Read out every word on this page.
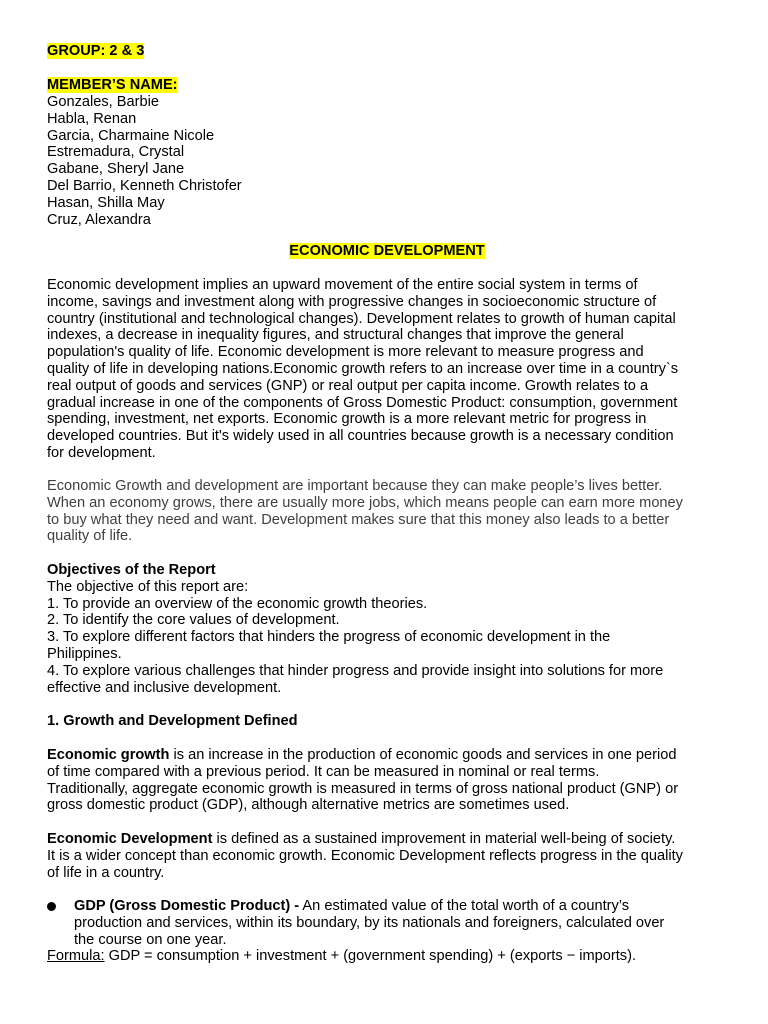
GROUP: 2 & 3
MEMBER’S NAME:
Gonzales, Barbie
Habla, Renan
Garcia, Charmaine Nicole
Estremadura, Crystal
Gabane, Sheryl Jane
Del Barrio, Kenneth Christofer
Hasan, Shilla May
Cruz, Alexandra
ECONOMIC DEVELOPMENT
Economic development implies an upward movement of the entire social system in terms of
income, savings and investment along with progressive changes in socioeconomic structure of
country (institutional and technological changes). Development relates to growth of human capital
indexes, a decrease in inequality figures, and structural changes that improve the general
population's quality of life. Economic development is more relevant to measure progress and
quality of life in developing nations.Economic growth refers to an increase over time in a country`s
real output of goods and services (GNP) or real output per capita income. Growth relates to a
gradual increase in one of the components of Gross Domestic Product: consumption, government
spending, investment, net exports. Economic growth is a more relevant metric for progress in
developed countries. But it's widely used in all countries because growth is a necessary condition
for development.
Economic Growth and development are important because they can make people’s lives better.
When an economy grows, there are usually more jobs, which means people can earn more money
to buy what they need and want. Development makes sure that this money also leads to a better
quality of life.
Objectives of the Report
The objective of this report are:
1. To provide an overview of the economic growth theories.
2. To identify the core values of development.
3. To explore different factors that hinders the progress of economic development in the
Philippines.
4. To explore various challenges that hinder progress and provide insight into solutions for more
effective and inclusive development.
1. Growth and Development Defined
Economic growth is an increase in the production of economic goods and services in one period
of time compared with a previous period. It can be measured in nominal or real terms.
Traditionally, aggregate economic growth is measured in terms of gross national product (GNP) or
gross domestic product (GDP), although alternative metrics are sometimes used.
Economic Development is defined as a sustained improvement in material well-being of society.
It is a wider concept than economic growth. Economic Development reflects progress in the quality
of life in a country.
GDP (Gross Domestic Product) - An estimated value of the total worth of a country’s
production and services, within its boundary, by its nationals and foreigners, calculated over
the course on one year.
Formula: GDP = consumption + investment + (government spending) + (exports − imports).
